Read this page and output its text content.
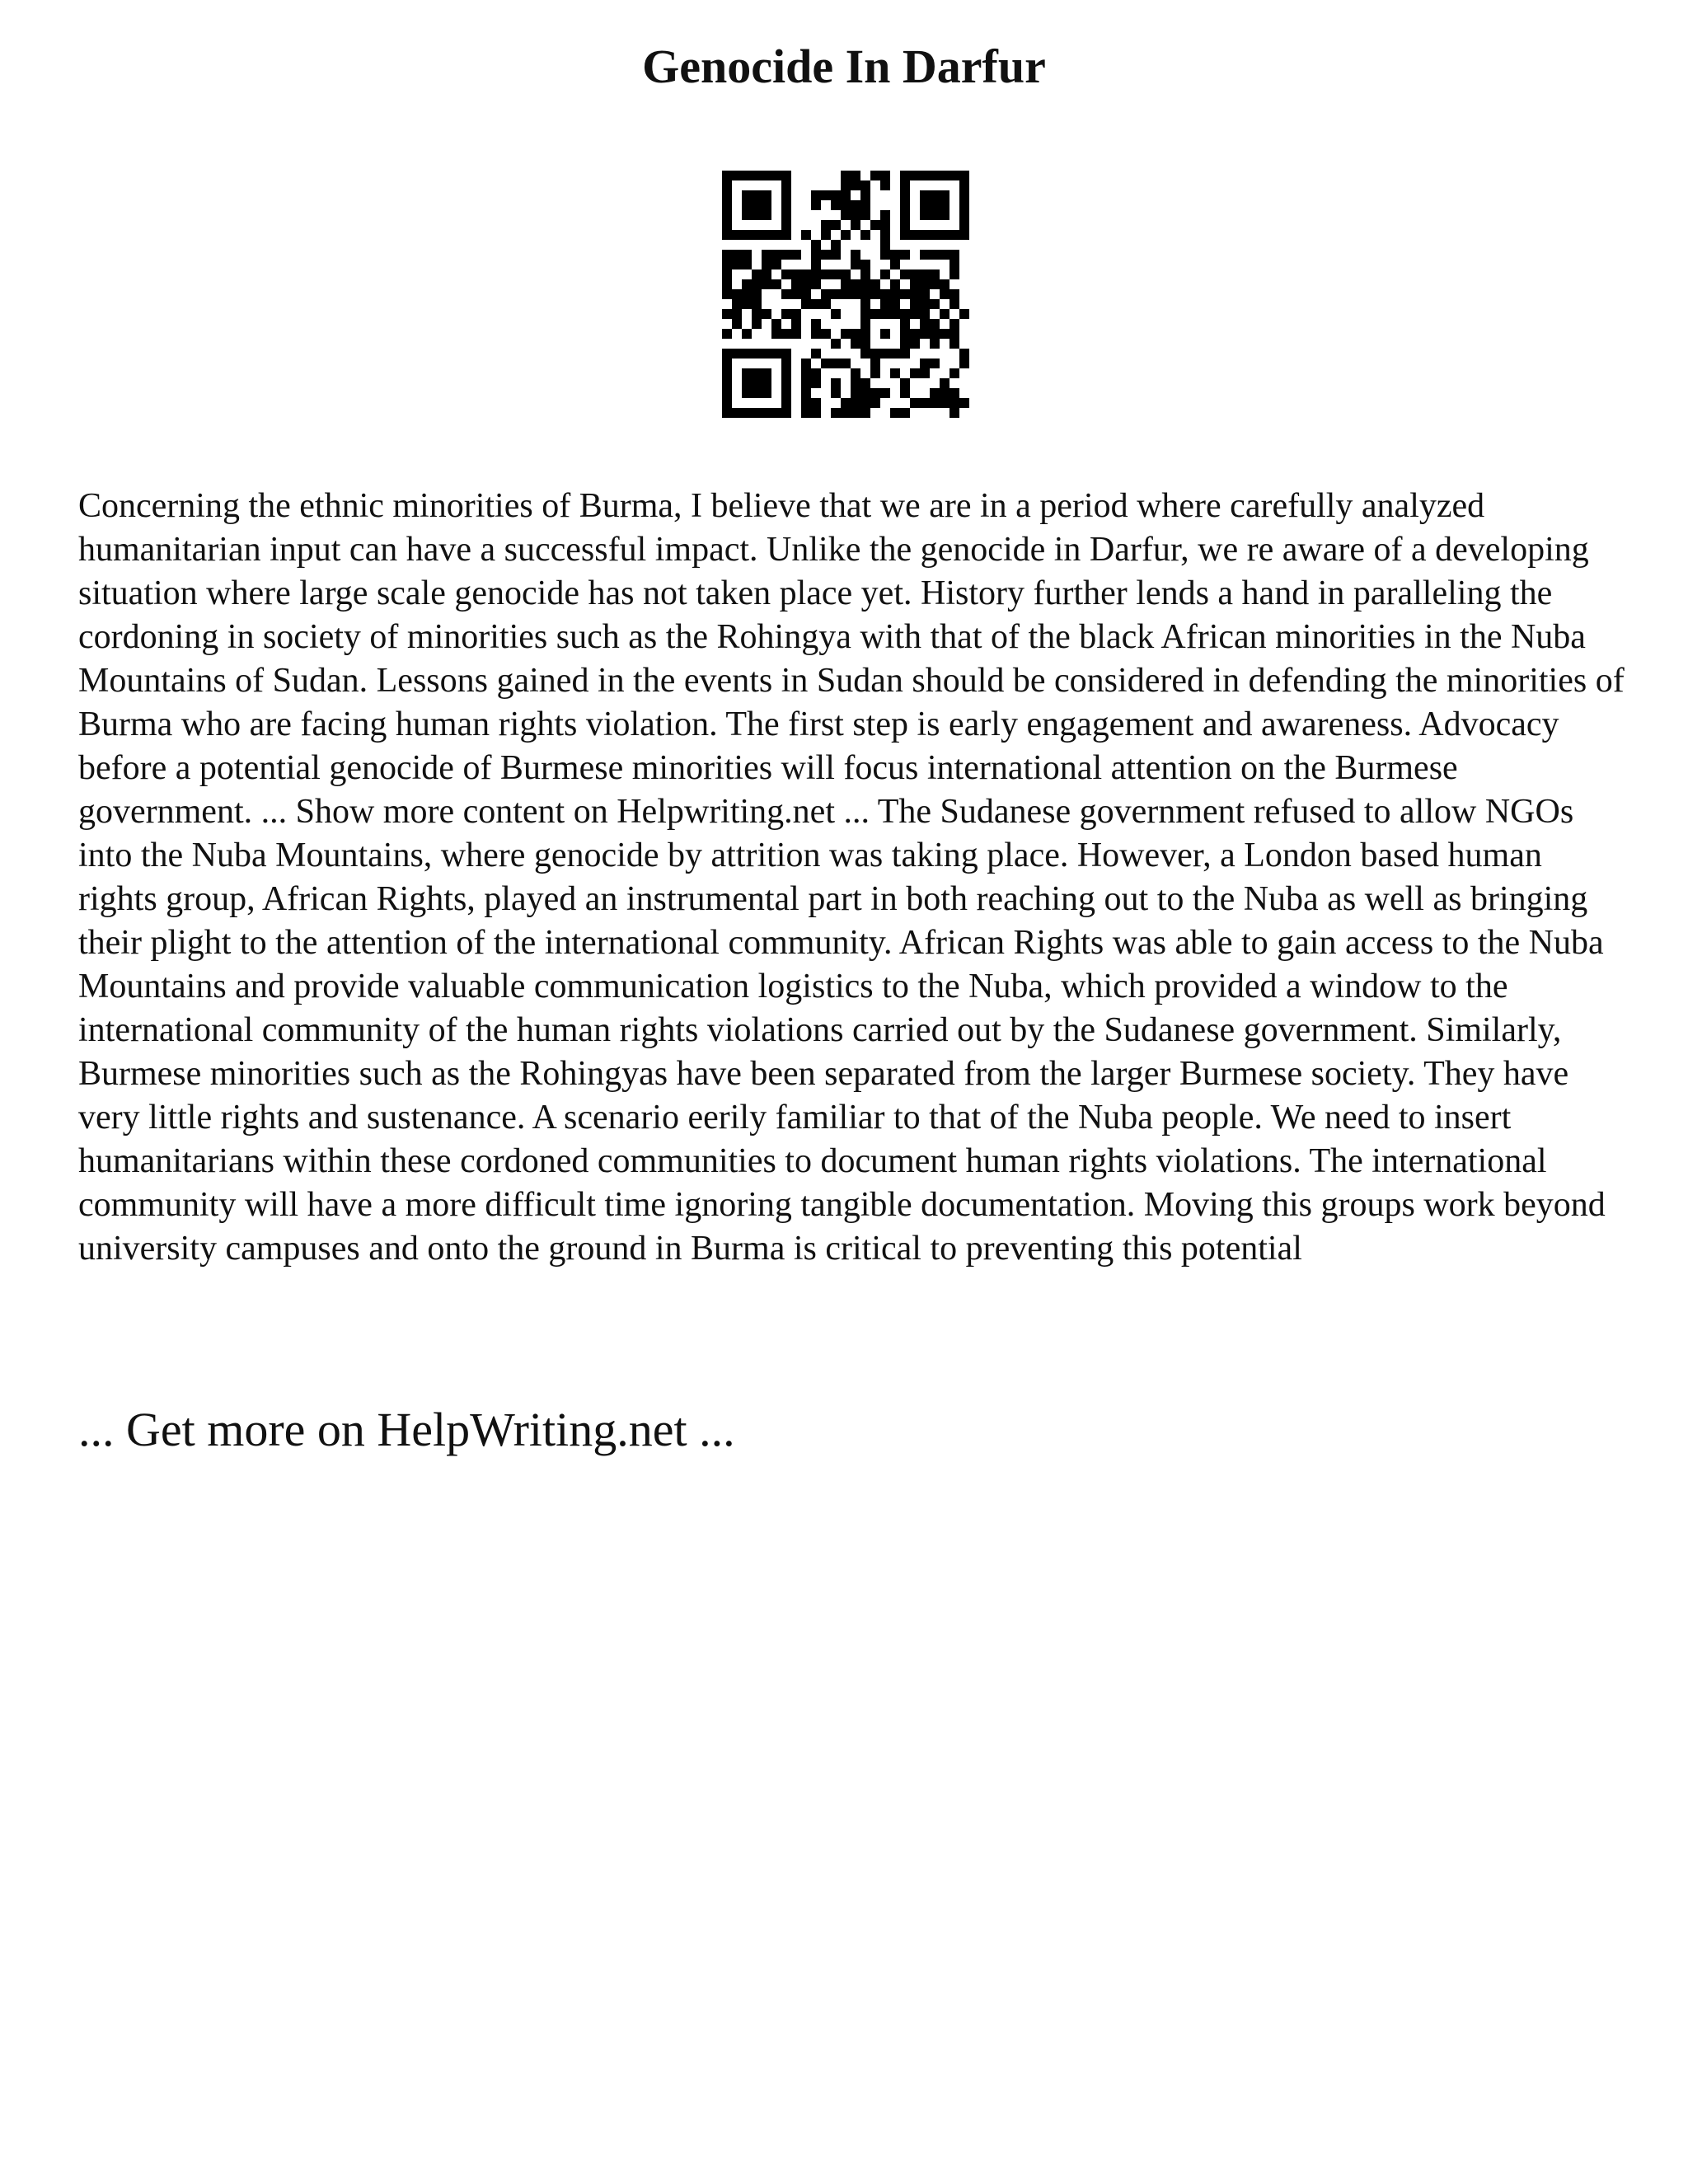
Genocide In Darfur

Concerning the ethnic minorities of Burma, I believe that we are in a period where carefully analyzed humanitarian input can have a successful impact. Unlike the genocide in Darfur, we re aware of a developing situation where large scale genocide has not taken place yet. History further lends a hand in paralleling the cordoning in society of minorities such as the Rohingya with that of the black African minorities in the Nuba Mountains of Sudan. Lessons gained in the events in Sudan should be considered in defending the minorities of Burma who are facing human rights violation. The first step is early engagement and awareness. Advocacy before a potential genocide of Burmese minorities will focus international attention on the Burmese government. ... Show more content on Helpwriting.net ... The Sudanese government refused to allow NGOs into the Nuba Mountains, where genocide by attrition was taking place. However, a London based human rights group, African Rights, played an instrumental part in both reaching out to the Nuba as well as bringing their plight to the attention of the international community. African Rights was able to gain access to the Nuba Mountains and provide valuable communication logistics to the Nuba, which provided a window to the international community of the human rights violations carried out by the Sudanese government. Similarly, Burmese minorities such as the Rohingyas have been separated from the larger Burmese society. They have very little rights and sustenance. A scenario eerily familiar to that of the Nuba people. We need to insert humanitarians within these cordoned communities to document human rights violations. The international community will have a more difficult time ignoring tangible documentation. Moving this groups work beyond university campuses and onto the ground in Burma is critical to preventing this potential

... Get more on HelpWriting.net ...
